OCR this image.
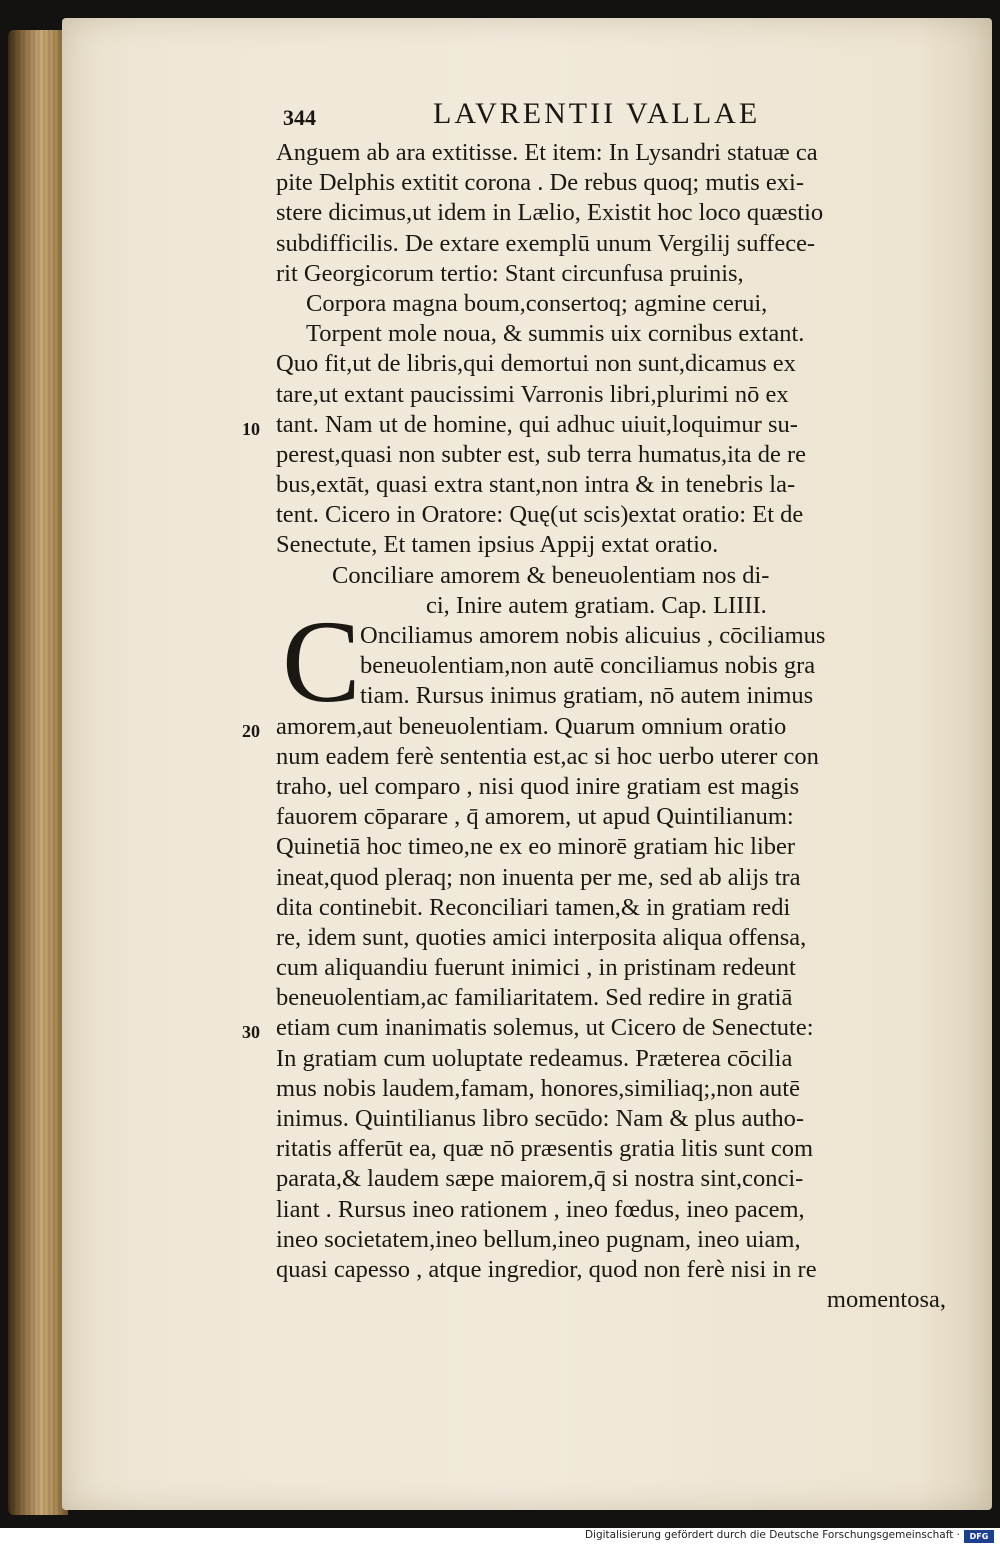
344	LAVRENTII VALLAE
C
Anguem ab ara extitisse. Et item: In Lysandri statuæ ca
pite Delphis extitit corona . De rebus quoq; mutis exi-
stere dicimus,ut idem in Lælio, Existit hoc loco quæstio
subdifficilis. De extare exemplū unum Vergilij suffece-
rit Georgicorum tertio: Stant circunfusa pruinis,
Corpora magna boum,consertoq; agmine cerui,
Torpent mole noua, & summis uix cornibus extant.
Quo fit,ut de libris,qui demortui non sunt,dicamus ex
tare,ut extant paucissimi Varronis libri,plurimi nō ex
tant. Nam ut de homine, qui adhuc uiuit,loquimur su-
10
perest,quasi non subter est, sub terra humatus,ita de re
bus,extāt, quasi extra stant,non intra & in tenebris la-
tent. Cicero in Oratore: Quę(ut scis)extat oratio: Et de
Senectute, Et tamen ipsius Appij extat oratio.
Conciliare amorem & beneuolentiam nos di-
ci, Inire autem gratiam. Cap. LIIII.
Onciliamus amorem nobis alicuius , cōciliamus
beneuolentiam,non autē conciliamus nobis gra
tiam. Rursus inimus gratiam, nō autem inimus
amorem,aut beneuolentiam. Quarum omnium oratio
20
num eadem ferè sententia est,ac si hoc uerbo uterer con
traho, uel comparo , nisi quod inire gratiam est magis
fauorem cōparare , q̄ amorem, ut apud Quintilianum:
Quinetiā hoc timeo,ne ex eo minorē gratiam hic liber
ineat,quod pleraq; non inuenta per me, sed ab alijs tra
dita continebit. Reconciliari tamen,& in gratiam redi
re, idem sunt, quoties amici interposita aliqua offensa,
cum aliquandiu fuerunt inimici , in pristinam redeunt
beneuolentiam,ac familiaritatem. Sed redire in gratiā
etiam cum inanimatis solemus, ut Cicero de Senectute:
30
In gratiam cum uoluptate redeamus. Præterea cōcilia
mus nobis laudem,famam, honores,similiaq;,non autē
inimus. Quintilianus libro secūdo: Nam & plus autho-
ritatis afferūt ea, quæ nō præsentis gratia litis sunt com
parata,& laudem sæpe maiorem,q̄ si nostra sint,conci-
liant . Rursus ineo rationem , ineo fœdus, ineo pacem,
ineo societatem,ineo bellum,ineo pugnam, ineo uiam,
quasi capesso , atque ingredior, quod non ferè nisi in re
momentosa,
Digitalisierung gefördert durch die Deutsche Forschungsgemeinschaft ·	DFG
